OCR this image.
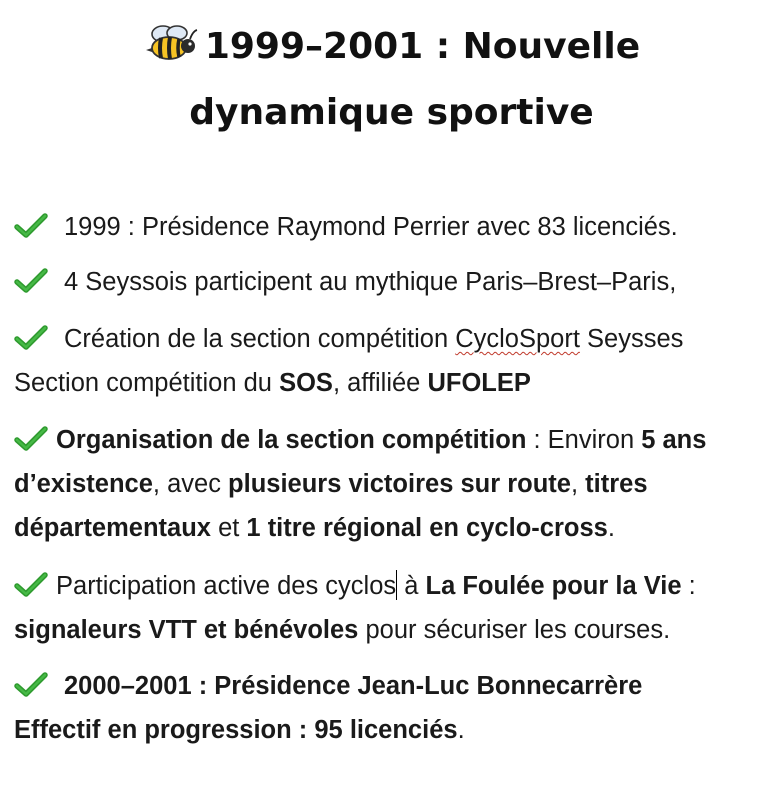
1999–2001 : Nouvelle
dynamique sportive
1999 : Présidence Raymond Perrier avec 83 licenciés.
4 Seyssois participent au mythique Paris–Brest–Paris,
Création de la section compétition CycloSport Seysses
Section compétition du SOS, affiliée UFOLEP
Organisation de la section compétition : Environ 5 ans
d’existence, avec plusieurs victoires sur route, titres
départementaux et 1 titre régional en cyclo-cross.
Participation active des cyclos à La Foulée pour la Vie :
signaleurs VTT et bénévoles pour sécuriser les courses.
2000–2001 : Présidence Jean-Luc Bonnecarrère
Effectif en progression : 95 licenciés.
